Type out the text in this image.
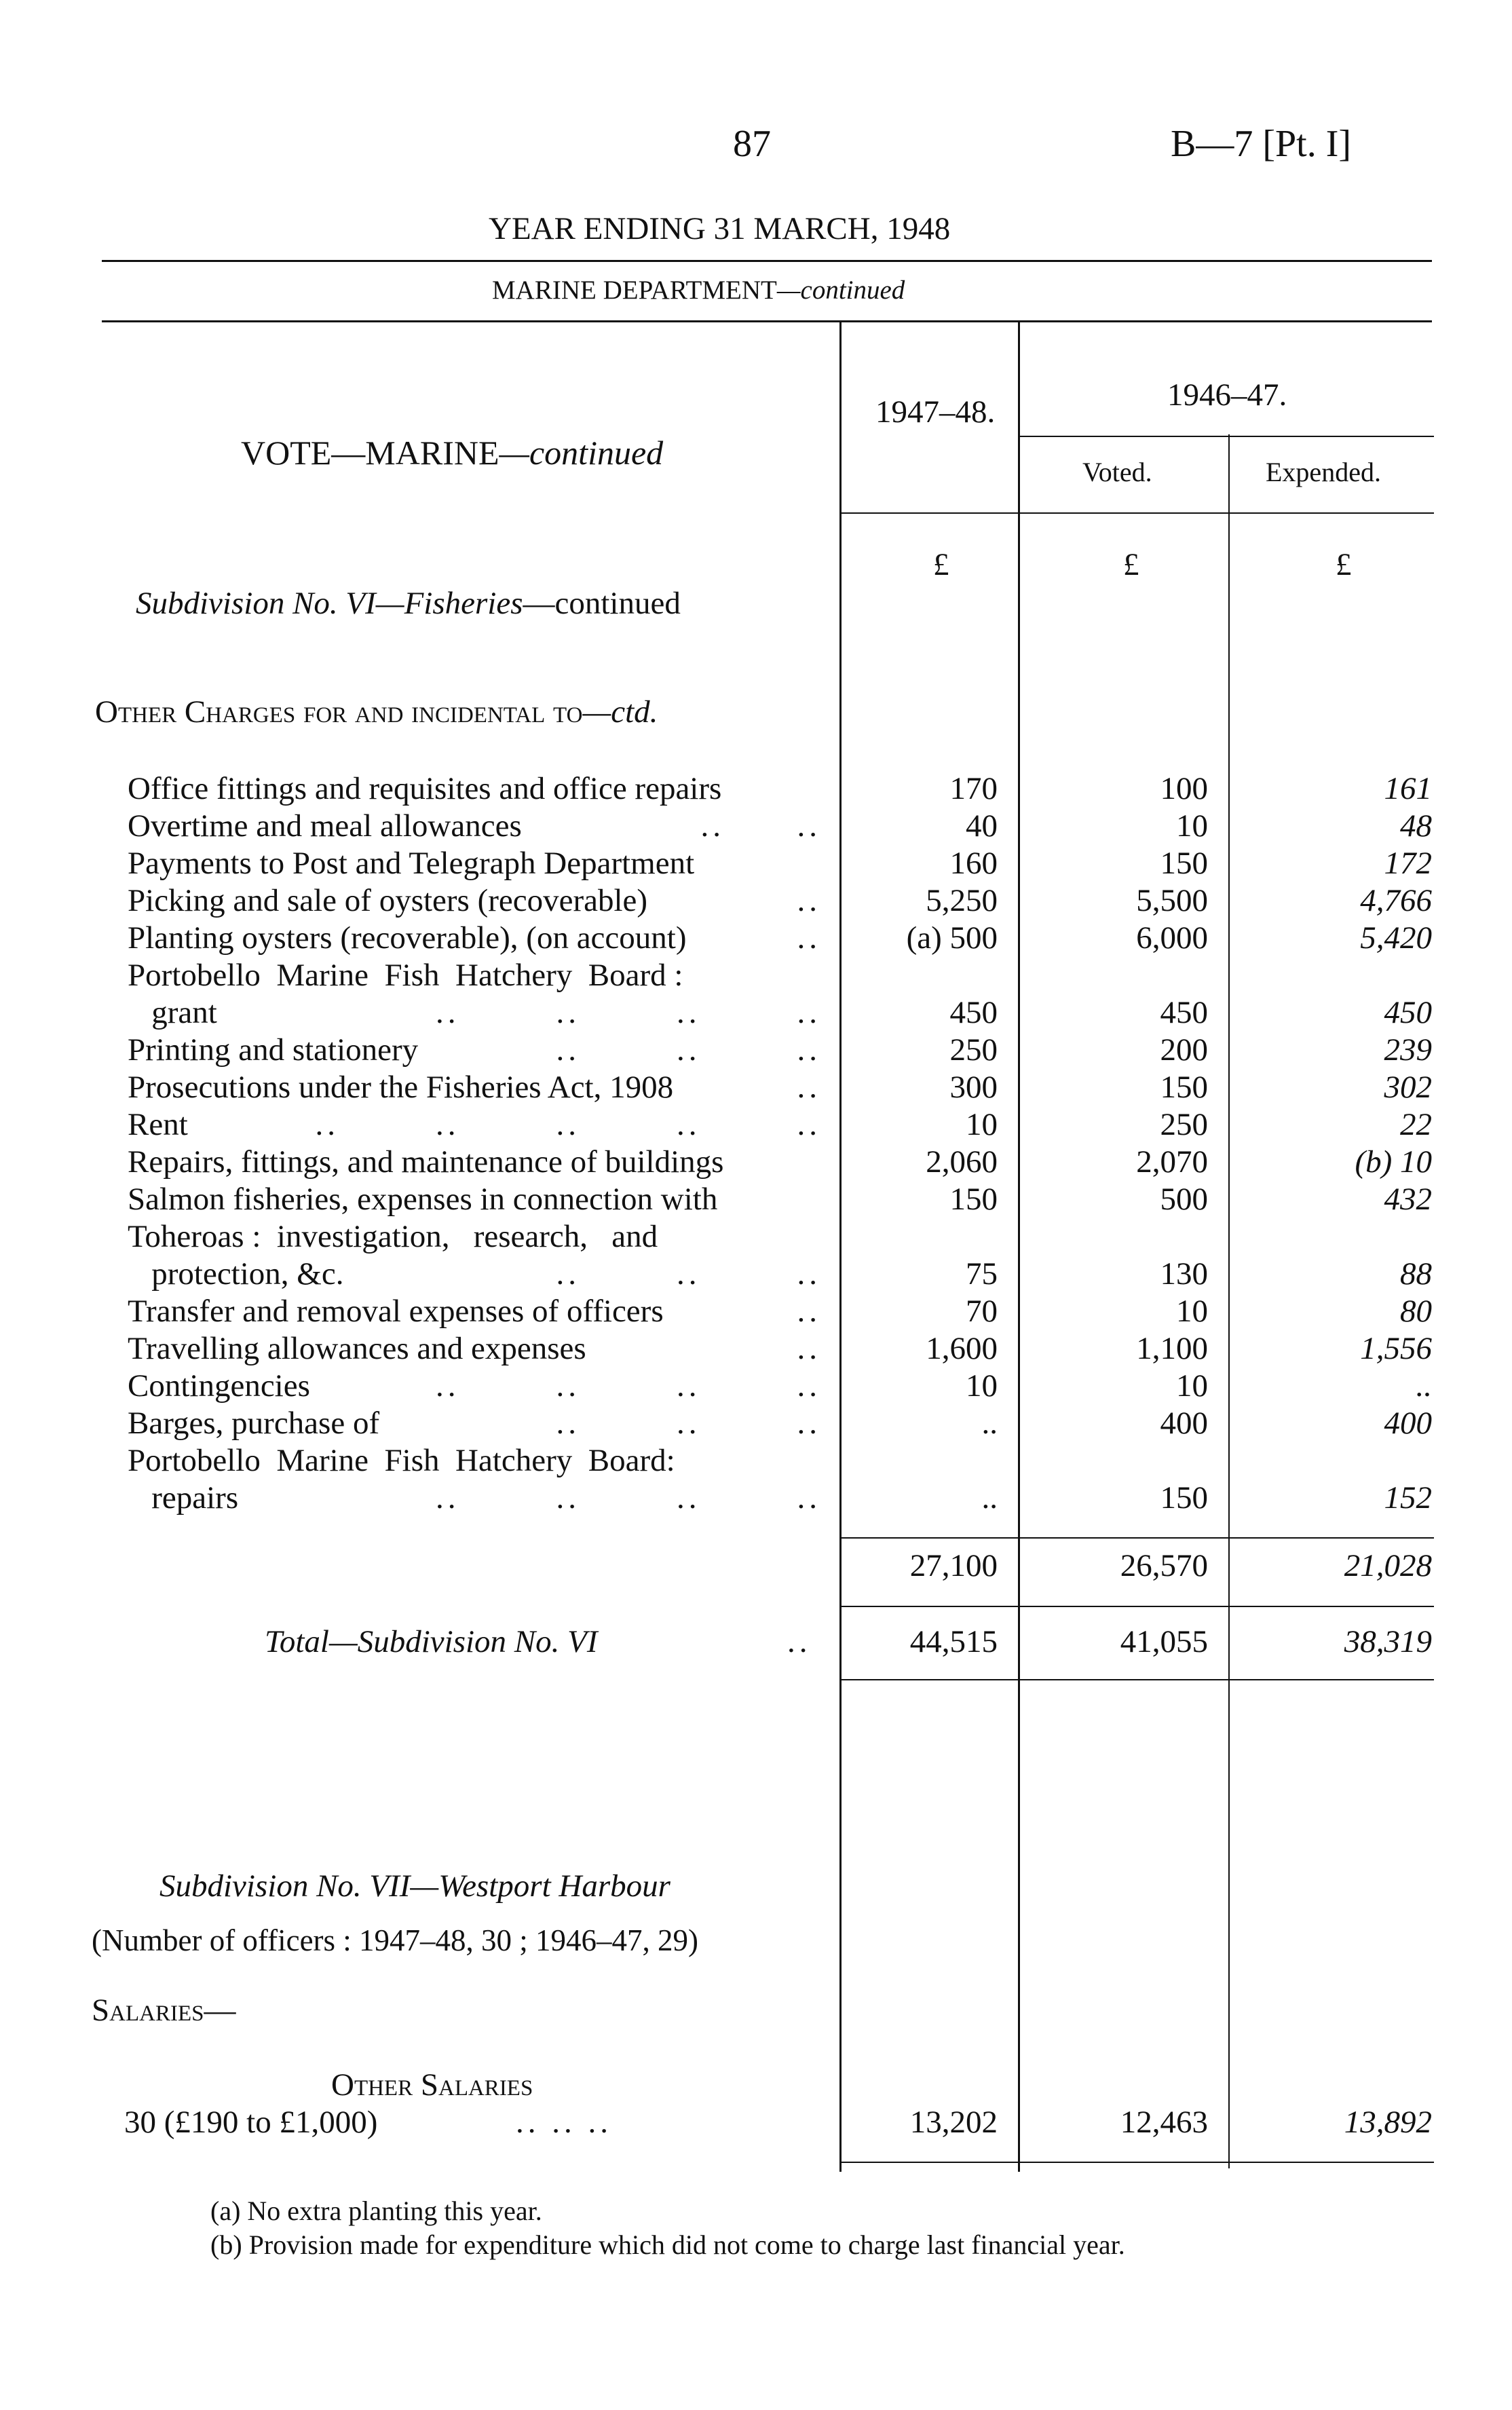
87	B—7 [Pt. I]
YEAR ENDING 31 MARCH, 1948
MARINE DEPARTMENT—continued
VOTE—MARINE—continued
1947–48.	1946–47.
Voted.	Expended.
£	£	£
Subdivision No. VI—Fisheries—continued
Other Charges for and incidental to—ctd.
Office fittings and requisites and office repairs	170	100	161
Overtime and meal allowances	..      ..	40	10	48
Payments to Post and Telegraph Department	160	150	172
Picking and sale of oysters (recoverable)	..	5,250	5,500	4,766
Planting oysters (recoverable), (on account)	..	(a) 500	6,000	5,420
Portobello  Marine  Fish  Hatchery  Board :
grant	..        ..        ..        ..	450	450	450
Printing and stationery	..        ..        ..	250	200	239
Prosecutions under the Fisheries Act, 1908	..	300	150	302
Rent	..        ..        ..        ..        ..	10	250	22
Repairs, fittings, and maintenance of buildings	2,060	2,070	(b) 10
Salmon fisheries, expenses in connection with	150	500	432
Toheroas :  investigation,   research,   and
protection, &c.	..        ..        ..	75	130	88
Transfer and removal expenses of officers	..	70	10	80
Travelling allowances and expenses	..	1,600	1,100	1,556
Contingencies	..        ..        ..        ..	10	10	..
Barges, purchase of	..        ..        ..	..	400	400
Portobello  Marine  Fish  Hatchery  Board:
repairs	..        ..        ..        ..	..	150	152
27,100	26,570	21,028
Total—Subdivision No. VI	..	44,515	41,055	38,319
Subdivision No. VII—Westport Harbour
(Number of officers : 1947–48, 30 ; 1946–47, 29)
Salaries—
Other Salaries
30 (£190 to £1,000)	.. .. ..	13,202	12,463	13,892
(a) No extra planting this year.
(b) Provision made for expenditure which did not come to charge last financial year.
